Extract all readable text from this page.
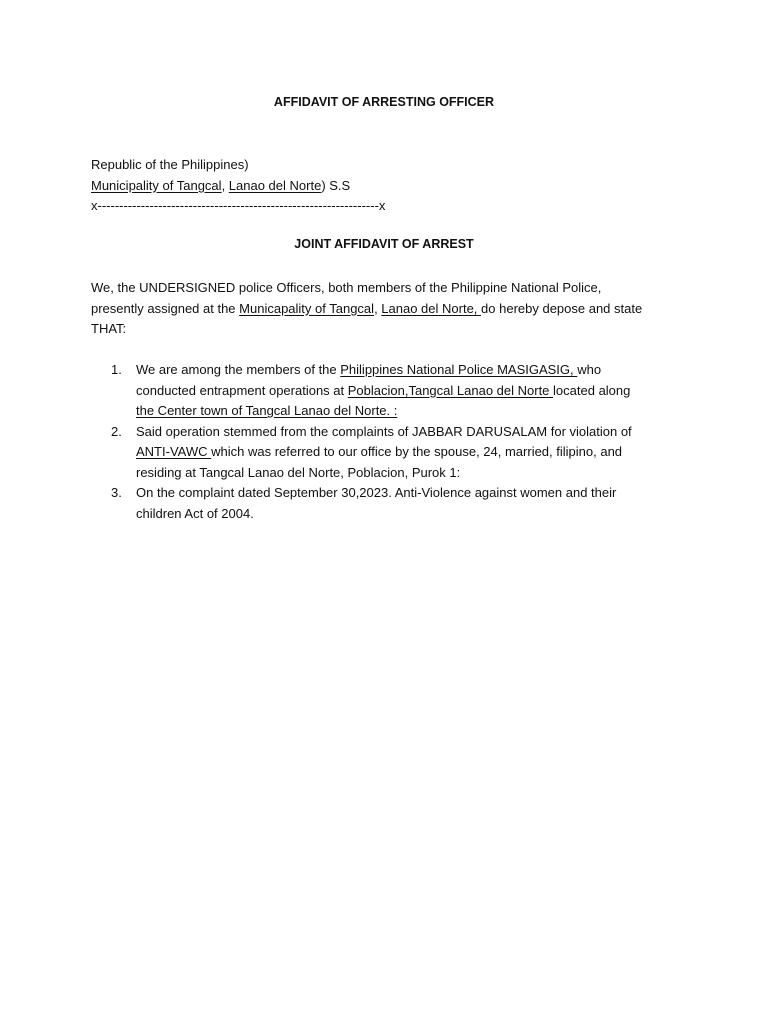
AFFIDAVIT OF ARRESTING OFFICER
Republic of the Philippines)
Municipality of Tangcal, Lanao del Norte) S.S
x-----------------------------------------------------------------x
JOINT AFFIDAVIT OF ARREST
We, the UNDERSIGNED police Officers, both members of the Philippine National Police,
presently assigned at the Municapality of Tangcal, Lanao del Norte, do hereby depose and state
THAT:
1. We are among the members of the Philippines National Police MASIGASIG, who
conducted entrapment operations at Poblacion,Tangcal Lanao del Norte located along
the Center town of Tangcal Lanao del Norte. :
2. Said operation stemmed from the complaints of JABBAR DARUSALAM for violation of
ANTI-VAWC which was referred to our office by the spouse, 24, married, filipino, and
residing at Tangcal Lanao del Norte, Poblacion, Purok 1:
3. On the complaint dated September 30,2023. Anti-Violence against women and their
children Act of 2004.
